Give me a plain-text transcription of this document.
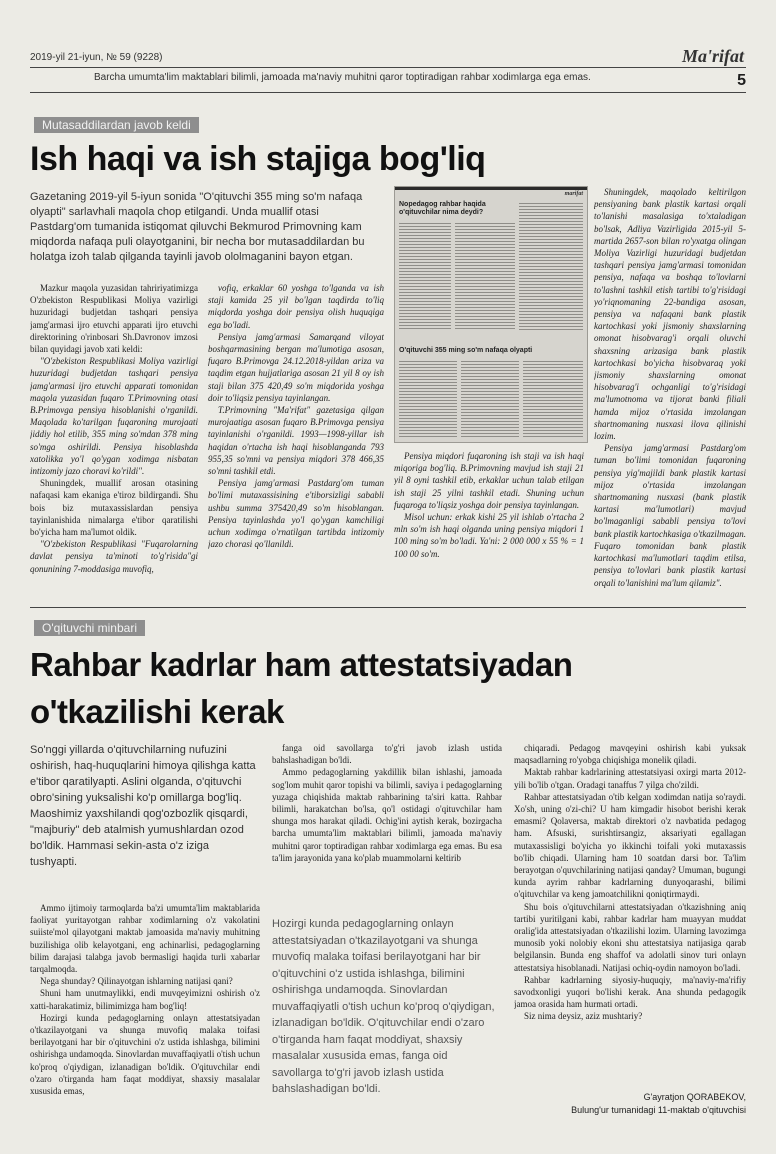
2019-yil 21-iyun, № 59 (9228)	Ma'rifat
Barcha umumta'lim maktablari bilimli, jamoada ma'naviy muhitni qaror toptiradigan rahbar xodimlarga ega emas.	5
Mutasaddilardan javob keldi
Ish haqi va ish stajiga bog'liq
Gazetaning 2019-yil 5-iyun sonida "O'qituvchi 355 ming so'm nafaqa olyapti" sarlavhali maqola chop etilgandi. Unda muallif otasi Pastdarg'om tumanida istiqomat qiluvchi Bekmurod Primovning kam miqdorda nafaqa puli olayotganini, bir necha bor mutasaddilardan bu holatga izoh talab qilganda tayinli javob ololmaganini bayon etgan.

Mazkur maqola yuzasidan tahririyatimizga O'zbekiston Respublikasi Moliya vazirligi huzuridagi budjetdan tashqari pensiya jamg'armasi ijro etuvchi apparati ijro etuvchi direktorining o'rinbosari Sh.Davronov imzosi bilan quyidagi javob xati keldi:

"O'zbekiston Respublikasi Moliya vazirligi huzuridagi budjetdan tashqari pensiya jamg'armasi ijro etuvchi apparati tomonidan maqola yuzasidan fuqaro T.Primovning otasi B.Primovga pensiya hisoblanishi o'rganildi. Maqolada ko'tarilgan fuqaroning murojaati jiddiy hol etilib, 355 ming so'mdan 378 ming so'mga oshirildi. Pensiya hisoblashda xatolikka yo'l qo'ygan xodimga nisbatan intizomiy jazo choravi ko'rildi".

Shuningdek, muallif arosan otasining nafaqasi kam ekaniga e'tiroz bildirgandi. Shu bois biz mutaxassislardan pensiya tayinlanishida nimalarga e'tibor qaratilishi bo'yicha ham ma'lumot oldik.

"O'zbekiston Respublikasi "Fuqarolarning davlat pensiya ta'minoti to'g'risida"gi qonunining 7-moddasiga muvofiq,

vofiq, erkaklar 60 yoshga to'lganda va ish staji kamida 25 yil bo'lgan taqdirda to'liq miqdorda yoshga doir pensiya olish huquqiga ega bo'ladi.

Pensiya jamg'armasi Samarqand viloyat boshqarmasining bergan ma'lumotiga asosan, fuqaro B.Primovga 24.12.2018-yildan ariza va taqdim etgan hujjatlariga asosan 21 yil 8 oy ish staji bilan 375 420,49 so'm miqdorida yoshga doir to'liqsiz pensiya tayinlangan.

T.Primovning "Ma'rifat" gazetasiga qilgan murojaatiga asosan fuqaro B.Primovga pensiya tayinlanishi o'rganildi. 1993—1998-yillar ish haqidan o'rtacha ish haqi hisoblanganda 793 955,35 so'mni va pensiya miqdori 378 466,35 so'mni tashkil etdi.

Pensiya jamg'armasi Pastdarg'om tuman bo'limi mutaxassisining e'tiborsizligi sababli ushbu summa 375420,49 so'm hisoblangan. Pensiya tayinlashda yo'l qo'ygan kamchiligi uchun xodimga o'rnatilgan tartibda intizomiy jazo chorasi qo'llanildi.

Nopedagog rahbar haqida o'qituvchilar nima deydi?
marifat
O'qituvchi 355 ming so'm nafaqa olyapti

Pensiya miqdori fuqaroning ish staji va ish haqi miqoriga bog'liq. B.Primovning mavjud ish staji 21 yil 8 oyni tashkil etib, erkaklar uchun talab etilgan ish staji 25 yilni tashkil etadi. Shuning uchun fuqaroga to'liqsiz yoshga doir pensiya tayinlangan.

Misol uchun: erkak kishi 25 yil ishlab o'rtacha 2 mln so'm ish haqi olganda uning pensiya miqdori 1 100 ming so'm bo'ladi. Ya'ni: 2 000 000 x 55 % = 1 100 00 so'm.

Shuningdek, maqolado keltirilgon pensiyaning bank plastik kartasi orqali to'lanishi masalasiga to'xtaladigan bo'lsak, Adliya Vazirligida 2015-yil 5-martida 2657-son bilan ro'yxatga olingan Moliya Vazirligi huzuridagi budjetdan tashqari pensiya jamg'armasi tomonidan pensiya, nafaqa va boshqa to'lovlarni to'lashni tashkil etish tartibi to'g'risidagi yo'riqnomaning 22-bandiga asosan, pensiya va nafaqani bank plastik kartochkasi yoki jismoniy shaxslarning omonat hisobvarag'i orqali oluvchi shaxsning arizasiga bank plastik kartochkasi bo'yicha hisobvaraq yoki jismoniy shaxslarning omonat hisobvarag'i ochganligi to'g'risidagi ma'lumotnoma va tijorat banki filiali hamda mijoz o'rtasida imzolangan shartnomaning nusxasi ilova qilinishi lozim.

Pensiya jamg'armasi Pastdarg'om tuman bo'limi tomonidan fuqaroning pensiya yig'majildi bank plastik kartasi mijoz o'rtasida imzolangan shartnomaning nusxasi (bank plastik kartasi ma'lumotlari) mavjud bo'lmaganligi sababli pensiya to'lovi bank plastik kartochkasiga o'tkazilmagan. Fuqaro tomonidan bank plastik kartochkasi ma'lumotlari taqdim etilsa, pensiya to'lovlari bank plastik kartasi orqali to'lanishini ma'lum qilamiz".

O'qituvchi minbari
Rahbar kadrlar ham attestatsiyadan
o'tkazilishi kerak
So'nggi yillarda o'qituvchilarning nufuzini oshirish, haq-huquqlarini himoya qilishga katta e'tibor qaratilyapti. Aslini olganda, o'qituvchi obro'sining yuksalishi ko'p omillarga bog'liq. Maoshimiz yaxshilandi qog'ozbozlik qisqardi, "majburiy" deb atalmish yumushlardan ozod bo'ldik. Hammasi sekin-asta o'z iziga tushyapti.

Ammo ijtimoiy tarmoqlarda ba'zi umumta'lim maktablarida faoliyat yuritayotgan rahbar xodimlarning o'z vakolatini suiiste'mol qilayotgani maktab jamoasida ma'naviy muhitning buzilishiga olib kelayotgani, eng achinarlisi, pedagoglarning bilim darajasi talabga javob bermasligi haqida turli xabarlar tarqalmoqda.

Nega shunday? Qilinayotgan ishlarning natijasi qani?

Shuni ham unutmaylikki, endi muvqeyimizni oshirish o'z xatti-harakatimiz, bilimimizga ham bog'liq!

Hozirgi kunda pedagoglarning onlayn attestatsiyadan o'tkazilayotgani va shunga muvofiq malaka toifasi berilayotgani har bir o'qituvchini o'z ustida ishlashga, bilimini oshirishga undamoqda. Sinovlardan muvaffaqiyatli o'tish uchun ko'proq o'qiydigan, izlanadigan bo'ldik. O'qituvchilar endi o'zaro o'tirganda ham faqat moddiyat, shaxsiy masalalar xususida emas,

fanga oid savollarga to'g'ri javob izlash ustida bahslashadigan bo'ldi.

Ammo pedagoglarning yakdillik bilan ishlashi, jamoada sog'lom muhit qaror topishi va bilimli, saviya i pedagoglarning yuzaga chiqishida maktab rahbarining ta'siri katta. Rahbar bilimli, harakatchan bo'lsa, qo'l ostidagi o'qituvchilar ham shunga mos harakat qiladi. Ochig'ini aytish kerak, bozirgacha barcha umumta'lim maktablari bilimli, jamoada ma'naviy muhitni qaror toptiradigan rahbar xodimlarga ega emas. Bu esa ta'lim jarayonida yana ko'plab muammolarni keltirib

Hozirgi kunda pedagoglarning onlayn attestatsiyadan o'tkazilayotgani va shunga muvofiq malaka toifasi berilayotgani har bir o'qituvchini o'z ustida ishlashga, bilimini oshirishga undamoqda. Sinovlardan muvaffaqiyatli o'tish uchun ko'proq o'qiydigan, izlanadigan bo'ldik. O'qituvchilar endi o'zaro o'tirganda ham faqat moddiyat, shaxsiy masalalar xususida emas, fanga oid savollarga to'g'ri javob izlash ustida bahslashadigan bo'ldi.

chiqaradi. Pedagog mavqeyini oshirish kabi yuksak maqsadlarning ro'yobga chiqishiga monelik qiladi.

Maktab rahbar kadrlarining attestatsiyasi oxirgi marta 2012-yili bo'lib o'tgan. Oradagi tanaffus 7 yilga cho'zildi.

Rahbar attestatsiyadan o'tib kelgan xodimdan natija so'raydi. Xo'sh, uning o'zi-chi? U ham kimgadir hisobot berishi kerak emasmi? Qolaversa, maktab direktori o'z navbatida pedagog ham. Afsuski, surishtirsangiz, aksariyati egallagan mutaxassisligi bo'yicha yo ikkinchi toifali yoki mutaxassis bo'lib chiqadi. Ularning ham 10 soatdan darsi bor. Ta'lim berayotgan o'quvchilarining natijasi qanday? Umuman, bugungi kunda ayrim rahbar kadrlarning dunyoqarashi, bilimi o'qituvchilar va keng jamoatchilikni qoniqtirmaydi.

Shu bois o'qituvchilarni attestatsiyadan o'tkazishning aniq tartibi yuritilgani kabi, rahbar kadrlar ham muayyan muddat oralig'ida attestatsiyadan o'tkazilishi lozim. Ularning lavozimga munosib yoki nolobiy ekoni shu attestatsiya natijasiga qarab belgilansin. Bunda eng shaffof va adolatli sinov turi onlayn attestatsiya hisoblanadi. Natijasi ochiq-oydin namoyon bo'ladi.

Rahbar kadrlarning siyosiy-huquqiy, ma'naviy-ma'rifiy savodxonligi yuqori bo'lishi kerak. Ana shunda pedagogik jamoa orasida ham hurmati ortadi.

Siz nima deysiz, aziz mushtariy?

G'ayratjon QORABEKOV,
Bulung'ur tumanidagi 11-maktab o'qituvchisi
